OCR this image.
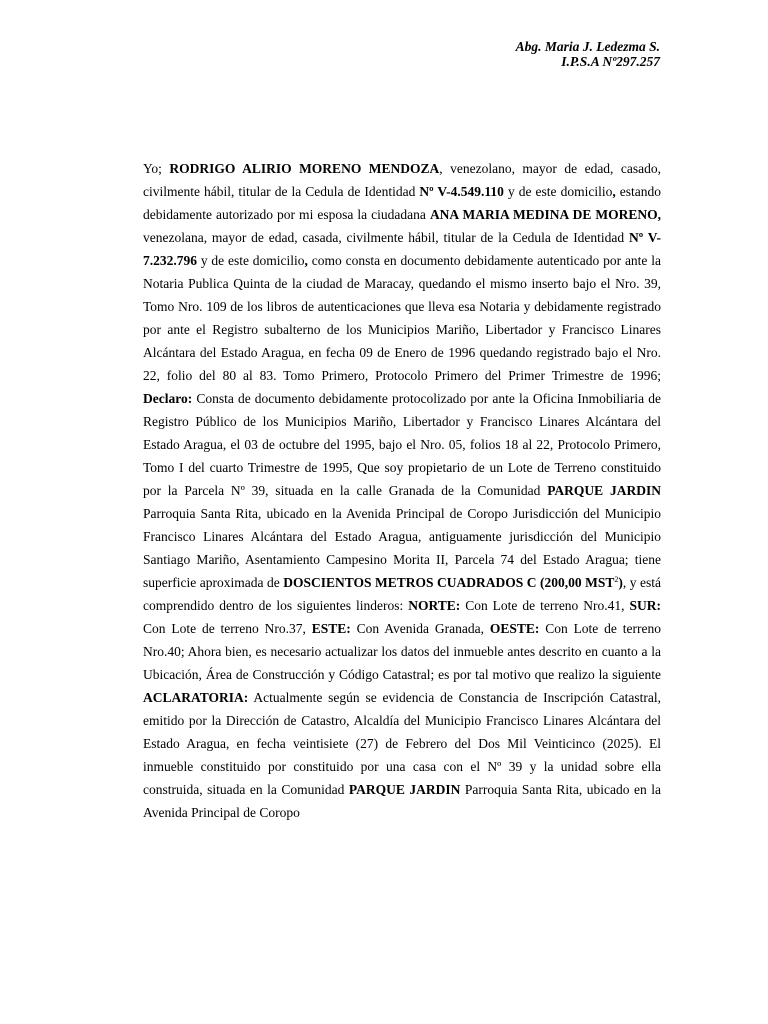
Abg. Maria J. Ledezma S.
I.P.S.A Nº297.257
Yo; RODRIGO ALIRIO MORENO MENDOZA, venezolano, mayor de edad, casado, civilmente hábil, titular de la Cedula de Identidad Nº V-4.549.110 y de este domicilio, estando debidamente autorizado por mi esposa la ciudadana ANA MARIA MEDINA DE MORENO, venezolana, mayor de edad, casada, civilmente hábil, titular de la Cedula de Identidad Nº V-7.232.796 y de este domicilio, como consta en documento debidamente autenticado por ante la Notaria Publica Quinta de la ciudad de Maracay, quedando el mismo inserto bajo el Nro. 39, Tomo Nro. 109 de los libros de autenticaciones que lleva esa Notaria y debidamente registrado por ante el Registro subalterno de los Municipios Mariño, Libertador y Francisco Linares Alcántara del Estado Aragua, en fecha 09 de Enero de 1996 quedando registrado bajo el Nro. 22, folio del 80 al 83. Tomo Primero, Protocolo Primero del Primer Trimestre de 1996; Declaro: Consta de documento debidamente protocolizado por ante la Oficina Inmobiliaria de Registro Público de los Municipios Mariño, Libertador y Francisco Linares Alcántara del Estado Aragua, el 03 de octubre del 1995, bajo el Nro. 05, folios 18 al 22, Protocolo Primero, Tomo I del cuarto Trimestre de 1995, Que soy propietario de un Lote de Terreno constituido por la Parcela Nº 39, situada en la calle Granada de la Comunidad PARQUE JARDIN Parroquia Santa Rita, ubicado en la Avenida Principal de Coropo Jurisdicción del Municipio Francisco Linares Alcántara del Estado Aragua, antiguamente jurisdicción del Municipio Santiago Mariño, Asentamiento Campesino Morita II, Parcela 74 del Estado Aragua; tiene superficie aproximada de DOSCIENTOS METROS CUADRADOS C (200,00 MST$^2$), y está comprendido dentro de los siguientes linderos: NORTE: Con Lote de terreno Nro.41, SUR: Con Lote de terreno Nro.37, ESTE: Con Avenida Granada, OESTE: Con Lote de terreno Nro.40; Ahora bien, es necesario actualizar los datos del inmueble antes descrito en cuanto a la Ubicación, Área de Construcción y Código Catastral; es por tal motivo que realizo la siguiente ACLARATORIA: Actualmente según se evidencia de Constancia de Inscripción Catastral, emitido por la Dirección de Catastro, Alcaldía del Municipio Francisco Linares Alcántara del Estado Aragua, en fecha veintisiete (27) de Febrero del Dos Mil Veinticinco (2025). El inmueble constituido por constituido por una casa con el Nº 39 y la unidad sobre ella construida, situada en la Comunidad PARQUE JARDIN Parroquia Santa Rita, ubicado en la Avenida Principal de Coropo
